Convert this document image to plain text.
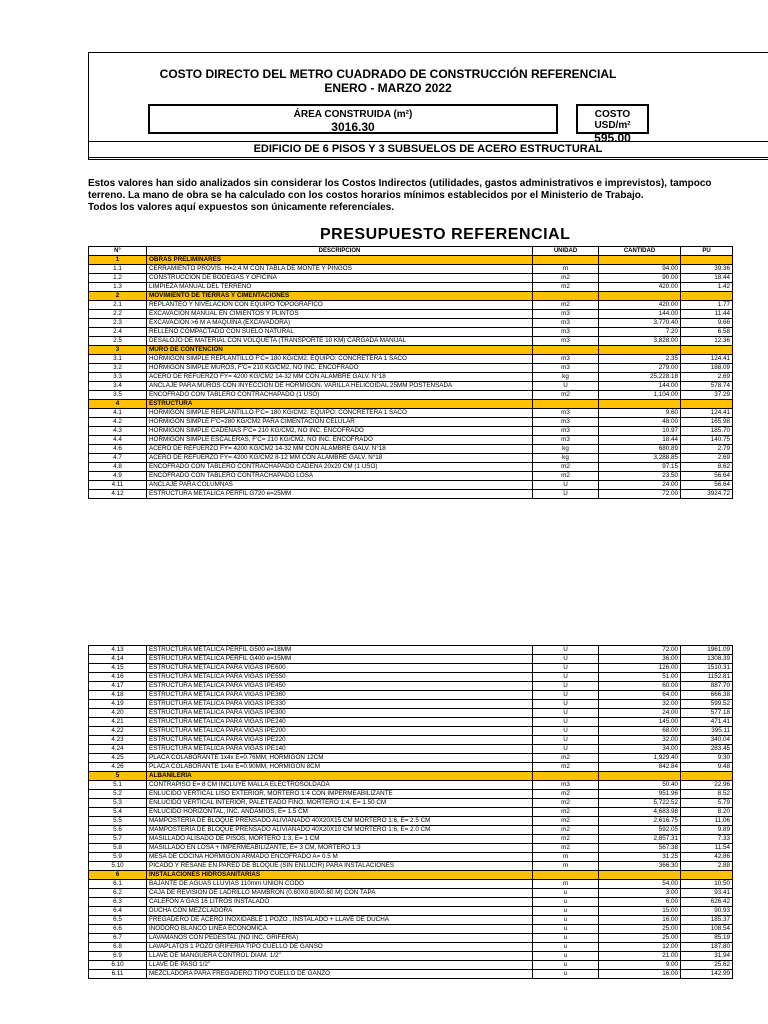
COSTO DIRECTO DEL METRO CUADRADO DE CONSTRUCCIÓN REFERENCIAL
ENERO - MARZO 2022
ÁREA CONSTRUIDA (m²)
3016.30
COSTO USD/m²
595.00
EDIFICIO DE 6 PISOS Y 3 SUBSUELOS DE ACERO ESTRUCTURAL
Estos valores han sido analizados sin considerar los Costos Indirectos (utilidades, gastos administrativos e imprevistos), tampoco
terreno. La mano de obra se ha calculado con los costos horarios mínimos establecidos por el Ministerio de Trabajo.
Todos los valores aquí expuestos son únicamente referenciales.
PRESUPUESTO REFERENCIAL
N°	DESCRIPCIÓN	UNIDAD	CANTIDAD	PU
1	OBRAS PRELIMINARES			
1.1	CERRAMIENTO PROVIS. H=2.4 M CON TABLA DE MONTE Y PINGOS	m	94.00	39.36
1.2	CONSTRUCCIÓN DE BODEGAS Y OFICINA	m2	90.00	18.44
1.3	LIMPIEZA MANUAL DEL TERRENO	m2	420.00	1.42
2	MOVIMIENTO DE TIERRAS Y CIMENTACIONES			
2.1	REPLANTEO Y NIVELACION CON EQUIPO TOPOGRAFICO	m2	420.00	1.77
2.2	EXCAVACION MANUAL EN CIMIENTOS Y PLINTOS	m3	144.00	11.44
2.3	EXCAVACION >6 M A MAQUINA (EXCAVADORA)	m3	3,770.40	9.66
2.4	RELLENO COMPACTADO CON SUELO NATURAL	m3	7.20	6.58
2.5	DESALOJO DE MATERIAL CON VOLQUETA (TRANSPORTE 10 KM) CARGADA MANUAL	m3	3,828.00	12.36
3	MURO DE CONTENCIÓN			
3.1	HORMIGÓN SIMPLE REPLANTILLO F'C= 180 KG/CM2. EQUIPO: CONCRETERA 1 SACO	m3	2.35	124.41
3.2	HORMIGÓN SIMPLE MUROS, F'C= 210 KG/CM2, NO INC. ENCOFRADO	m3	279.00	188.09
3.3	ACERO DE REFUERZO FY= 4200 KG/CM2 14-32 MM CON ALAMBRE GALV. N°18	kg	25,228.18	2.69
3.4	ANCLAJE PARA MUROS CON INYECCIÓN DE HORMIGÓN. VARILLA HELICOIDAL 25MM POSTENSADA	U	144.00	578.74
3.5	ENCOFRADO CON TABLERO CONTRACHAPADO (1 USO)	m2	1,104.00	37.29
4	ESTRUCTURA			
4.1	HORMIGÓN SIMPLE REPLANTILLO F'C= 180 KG/CM2. EQUIPO: CONCRETERA 1 SACO	m3	9.60	124.41
4.2	HORMIGÓN SIMPLE F'C=280 KG/CM2 PARA CIMENTACIÓN CELULAR	m3	48.00	165.98
4.3	HORMIGÓN SIMPLE CADENAS F'C= 210 KG/CM2, NO INC. ENCOFRADO	m3	10.97	185.70
4.4	HORMIGÓN SIMPLE ESCALERAS, F'C= 210 KG/CM2, NO INC. ENCOFRADO	m3	18.44	140.75
4.6	ACERO DE REFUERZO FY= 4200 KG/CM2 14-32 MM CON ALAMBRE GALV. N°18	kg	680.89	2.79
4.7	ACERO DE REFUERZO FY= 4200 KG/CM2 8-12 MM CON ALAMBRE GALV. N°18	kg	3,288.85	2.69
4.8	ENCOFRADO CON TABLERO CONTRACHAPADO CADENA 20x20 CM (1 USO)	m2	97.15	8.62
4.9	ENCOFRADO CON TABLERO CONTRACHAPADO LOSA	m2	23.50	56.64
4.11	ANCLAJE PARA COLUMNAS	U	24.00	56.64
4.12	ESTRUCTURA METALICA PERFIL G720 e=25MM	U	72.00	3924.72
4.13	ESTRUCTURA METALICA PERFIL G500 e=18MM	U	72.00	1961.09
4.14	ESTRUCTURA METALICA PERFIL G400 e=15MM	U	36.00	1308.39
4.15	ESTRUCTURA METALICA PARA VIGAS IPE600	U	126.00	1510.31
4.16	ESTRUCTURA METALICA PARA VIGAS IPE550	U	51.00	1152.81
4.17	ESTRUCTURA METALICA PARA VIGAS IPE450	U	60.00	887.70
4.18	ESTRUCTURA METALICA PARA VIGAS IPE360	U	64.00	666.38
4.19	ESTRUCTURA METALICA PARA VIGAS IPE330	U	32.00	599.52
4.20	ESTRUCTURA METALICA PARA VIGAS IPE300	U	24.00	577.18
4.21	ESTRUCTURA METALICA PARA VIGAS IPE240	U	145.00	471.41
4.22	ESTRUCTURA METALICA PARA VIGAS IPE200	U	68.00	395.11
4.23	ESTRUCTURA METALICA PARA VIGAS IPE220	U	32.00	340.04
4.24	ESTRUCTURA METALICA PARA VIGAS IPE140	U	34.00	283.45
4.25	PLACA COLABORANTE 1x4x E=0.76MM, HORMIGON 12CM	m2	1,929.40	9.30
4.26	PLACA COLABORANTE 1x4x E=0.90MM, HORMIGON 8CM	m2	842.84	9.48
5	ALBAÑILERÍA			
5.1	CONTRAPISO E= 8 CM INCLUYE MALLA ELECTROSOLDADA	m3	50.40	22.96
5.2	ENLUCIDO VERTICAL LISO EXTERIOR, MORTERO 1:4 CON IMPERMEABILIZANTE	m2	951.96	8.52
5.3	ENLUCIDO VERTICAL INTERIOR, PALETEADO FINO, MORTERO 1:4, E= 1.50 CM	m2	5,722.52	5.79
5.4	ENLUCIDO HORIZONTAL, INC. ANDAMIOS, E= 1.5 CM	m2	4,683.98	8.20
5.5	MAMPOSTERÍA DE BLOQUE PRENSADO ALIVIANADO 40X20X15 CM MORTERO 1:6, E= 2.5 CM	m2	2,616.75	11.06
5.6	MAMPOSTERÍA DE BLOQUE PRENSADO ALIVIANADO 40X20X10 CM MORTERO 1:6, E= 2.0 CM	m2	592.05	9.89
5.7	MASILLADO ALISADO DE PISOS, MORTERO 1:3, E= 1 CM	m2	2,857.31	7.33
5.8	MASILLADO EN LOSA + IMPERMEABILIZANTE, E= 3 CM, MORTERO 1:3	m2	567.38	11.54
5.9	MESA DE COCINA HORMIGÓN ARMADO ENCOFRADO A= 0.5 M	m	31.25	42.86
5.10	PICADO Y RESANE EN PARED DE BLOQUE (SIN ENLUCIR) PARA INSTALACIONES	m	366.30	2.88
6	INSTALACIONES HIDROSANITARIAS			
6.1	BAJANTE DE AGUAS LLUVIAS 110mm UNION CODO	m	54.00	10.50
6.2	CAJA DE REVISION DE LADRILLO MAMBRON (0.60X0.60X0.60 M) CON TAPA	u	3.00	93.41
6.3	CALEFON A GAS 16 LITROS INSTALADO	u	6.00	626.42
6.4	DUCHA CON MEZCLADORA	u	15.00	90.93
6.5	FREGADERO DE ACERO INOXIDABLE 1 POZO , INSTALADO + LLAVE DE DUCHA	u	16.00	185.37
6.6	INODORO BLANCO LINEA ECONÓMICA	u	25.00	108.54
6.7	LAVAMANOS CON PEDESTAL (NO INC. GRIFERIA)	u	25.00	85.19
6.8	LAVAPLATOS 1 POZO GRIFERIA TIPO CUELLO DE GANSO	u	12.00	187.80
6.9	LLAVE DE MANGUERA CONTROL DIAM. 1/2"	u	21.00	31.94
6.10	LLAVE DE PASO 1/2"	u	9.00	25.62
6.11	MEZCLADORA PARA FREGADERO TIPO CUELLO DE GANZO	u	16.00	142.99
